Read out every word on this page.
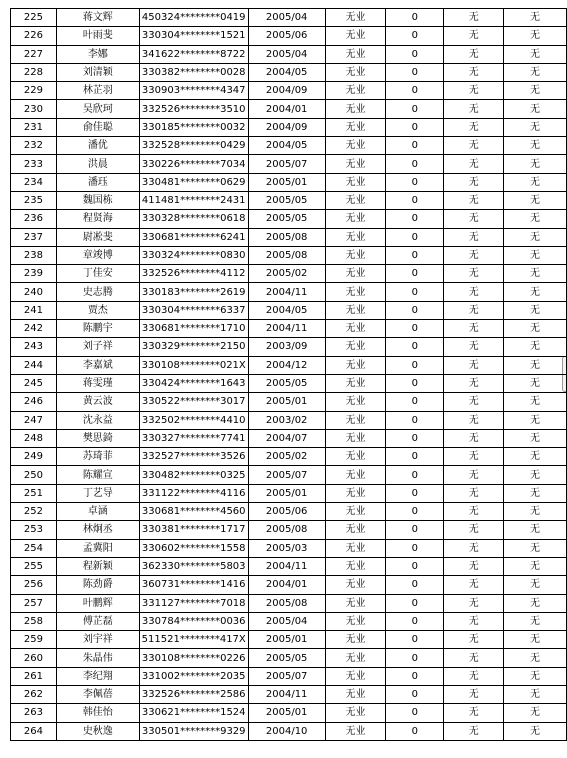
225	蒋文辉	450324********0419	2005/04	无业	0	无	无
226	叶雨斐	330304********1521	2005/06	无业	0	无	无
227	李娜	341622********8722	2005/04	无业	0	无	无
228	刘清颖	330382********0028	2004/05	无业	0	无	无
229	林芷羽	330903********4347	2004/09	无业	0	无	无
230	吴欣珂	332526********3510	2004/01	无业	0	无	无
231	俞佳聪	330185********0032	2004/09	无业	0	无	无
232	潘优	332528********0429	2004/05	无业	0	无	无
233	洪晨	330226********7034	2005/07	无业	0	无	无
234	潘珏	330481********0629	2005/01	无业	0	无	无
235	魏国栋	411481********2431	2005/05	无业	0	无	无
236	程贤海	330328********0618	2005/05	无业	0	无	无
237	尉凇斐	330681********6241	2005/08	无业	0	无	无
238	章竣博	330324********0830	2005/08	无业	0	无	无
239	丁佳安	332526********4112	2005/02	无业	0	无	无
240	史志腾	330183********2619	2004/11	无业	0	无	无
241	贾杰	330304********6337	2004/05	无业	0	无	无
242	陈鹏宇	330681********1710	2004/11	无业	0	无	无
243	刘子祥	330329********2150	2003/09	无业	0	无	无
244	李嘉斌	330108********021X	2004/12	无业	0	无	无
245	蒋雯瑾	330424********1643	2005/05	无业	0	无	无
246	黄云波	330522********3017	2005/01	无业	0	无	无
247	沈永益	332502********4410	2003/02	无业	0	无	无
248	樊思錡	330327********7741	2004/07	无业	0	无	无
249	苏琦菲	332527********3526	2005/02	无业	0	无	无
250	陈耀宣	330482********0325	2005/07	无业	0	无	无
251	丁艺导	331122********4116	2005/01	无业	0	无	无
252	卓涵	330681********4560	2005/06	无业	0	无	无
253	林炯丞	330381********1717	2005/08	无业	0	无	无
254	孟冀阳	330602********1558	2005/03	无业	0	无	无
255	程新颖	362330********5803	2004/11	无业	0	无	无
256	陈劲爵	360731********1416	2004/01	无业	0	无	无
257	叶鹏辉	331127********7018	2005/08	无业	0	无	无
258	傅芷磊	330784********0036	2005/04	无业	0	无	无
259	刘宇祥	511521********417X	2005/01	无业	0	无	无
260	朱晶伟	330108********0226	2005/05	无业	0	无	无
261	李纪翔	331002********2035	2005/07	无业	0	无	无
262	李佩蓓	332526********2586	2004/11	无业	0	无	无
263	韩佳怡	330621********1524	2005/01	无业	0	无	无
264	史秋逸	330501********9329	2004/10	无业	0	无	无
